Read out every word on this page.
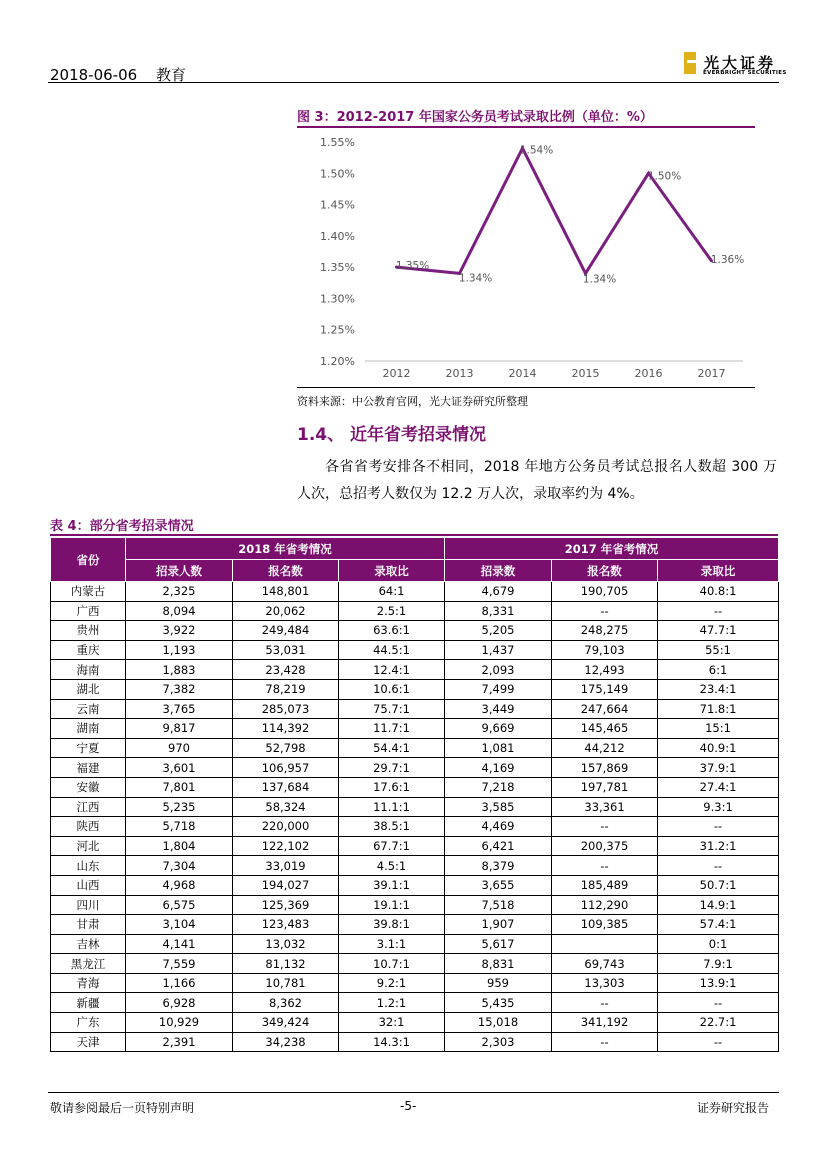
2018-06-06 教育
光大证券
EVERBRIGHT SECURITIES
图 3：2012-2017 年国家公务员考试录取比例（单位：%）
1.20%
1.25%
1.30%
1.35%
1.40%
1.45%
1.50%
1.55%
2012	2013	2014	2015	2016	2017
1.35%
1.34%
1.54%
1.34%
1.50%
1.36%
资料来源：中公教育官网，光大证券研究所整理
1.4、 近年省考招录情况
各省省考安排各不相同，2018 年地方公务员考试总报名人数超 300 万人次，总招考人数仅为 12.2 万人次，录取率约为 4%。
表 4：部分省考招录情况
省份	2018 年省考情况			2017 年省考情况		
	招录人数	报名数	录取比	招录数	报名数	录取比
内蒙古	2,325	148,801	64:1	4,679	190,705	40.8:1
广西	8,094	20,062	2.5:1	8,331	--	--
贵州	3,922	249,484	63.6:1	5,205	248,275	47.7:1
重庆	1,193	53,031	44.5:1	1,437	79,103	55:1
海南	1,883	23,428	12.4:1	2,093	12,493	6:1
湖北	7,382	78,219	10.6:1	7,499	175,149	23.4:1
云南	3,765	285,073	75.7:1	3,449	247,664	71.8:1
湖南	9,817	114,392	11.7:1	9,669	145,465	15:1
宁夏	970	52,798	54.4:1	1,081	44,212	40.9:1
福建	3,601	106,957	29.7:1	4,169	157,869	37.9:1
安徽	7,801	137,684	17.6:1	7,218	197,781	27.4:1
江西	5,235	58,324	11.1:1	3,585	33,361	9.3:1
陕西	5,718	220,000	38.5:1	4,469	--	--
河北	1,804	122,102	67.7:1	6,421	200,375	31.2:1
山东	7,304	33,019	4.5:1	8,379	--	--
山西	4,968	194,027	39.1:1	3,655	185,489	50.7:1
四川	6,575	125,369	19.1:1	7,518	112,290	14.9:1
甘肃	3,104	123,483	39.8:1	1,907	109,385	57.4:1
吉林	4,141	13,032	3.1:1	5,617		0:1
黑龙江	7,559	81,132	10.7:1	8,831	69,743	7.9:1
青海	1,166	10,781	9.2:1	959	13,303	13.9:1
新疆	6,928	8,362	1.2:1	5,435	--	--
广东	10,929	349,424	32:1	15,018	341,192	22.7:1
天津	2,391	34,238	14.3:1	2,303	--	--
敬请参阅最后一页特别声明	-5-	证券研究报告
